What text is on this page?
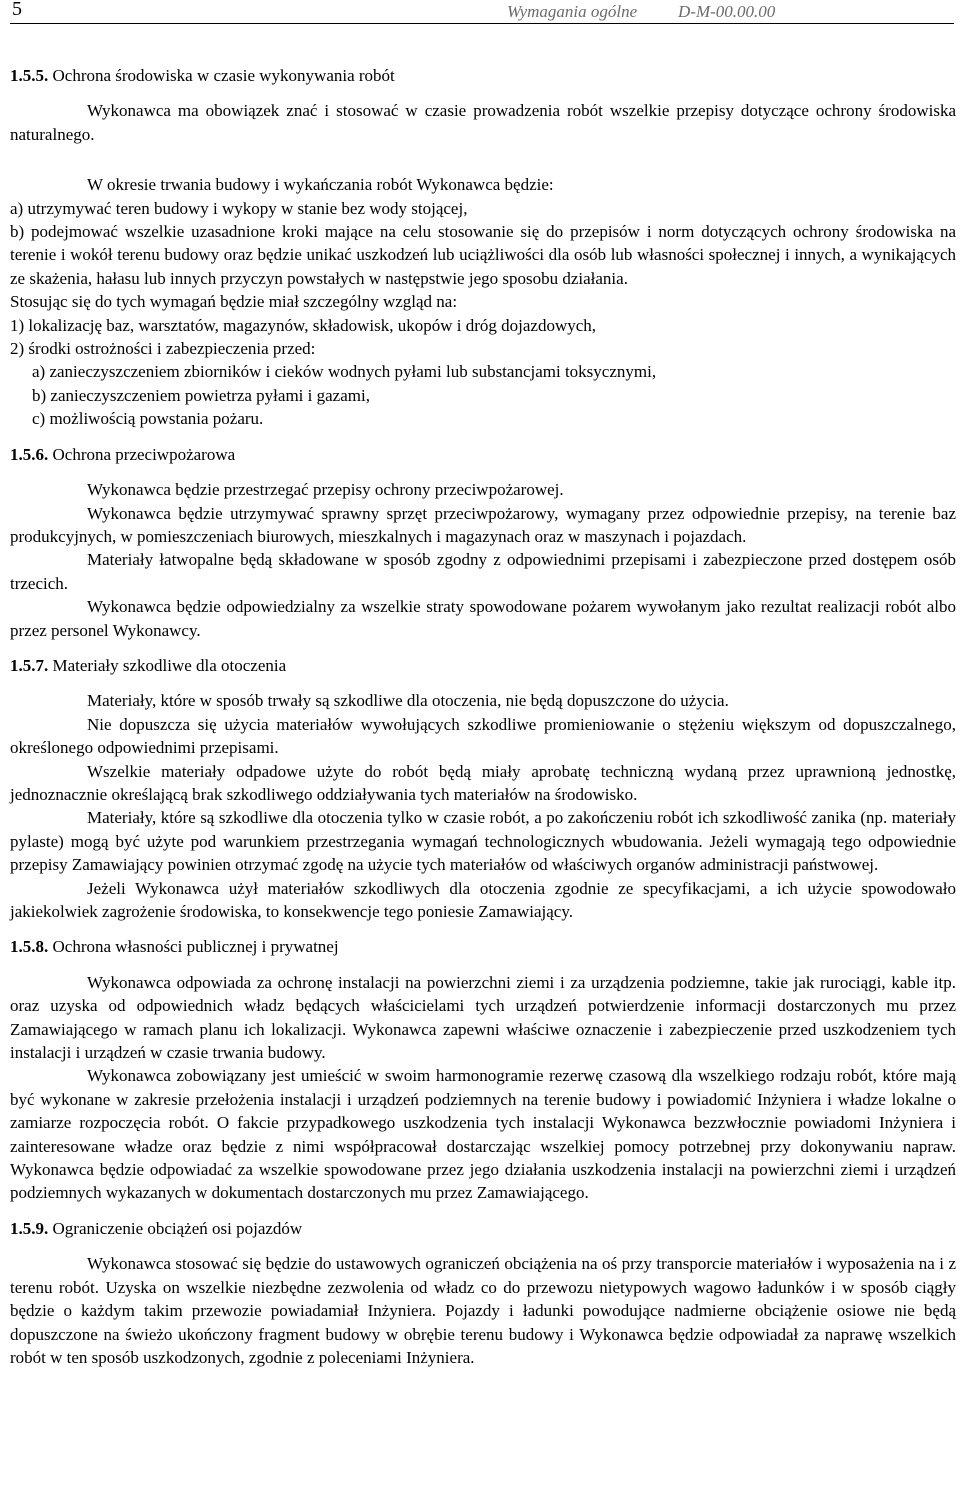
5	Wymagania ogólne D-M-00.00.00
1.5.5. Ochrona środowiska w czasie wykonywania robót

Wykonawca ma obowiązek znać i stosować w czasie prowadzenia robót wszelkie przepisy dotyczące ochrony środowiska naturalnego.

W okresie trwania budowy i wykańczania robót Wykonawca będzie:

a) utrzymywać teren budowy i wykopy w stanie bez wody stojącej,

b) podejmować wszelkie uzasadnione kroki mające na celu stosowanie się do przepisów i norm dotyczących ochrony środowiska na terenie i wokół terenu budowy oraz będzie unikać uszkodzeń lub uciążliwości dla osób lub własności społecznej i innych, a wynikających ze skażenia, hałasu lub innych przyczyn powstałych w następstwie jego sposobu działania.

Stosując się do tych wymagań będzie miał szczególny wzgląd na:

1) lokalizację baz, warsztatów, magazynów, składowisk, ukopów i dróg dojazdowych,

2) środki ostrożności i zabezpieczenia przed:

a) zanieczyszczeniem zbiorników i cieków wodnych pyłami lub substancjami toksycznymi,

b) zanieczyszczeniem powietrza pyłami i gazami,

c) możliwością powstania pożaru.

1.5.6. Ochrona przeciwpożarowa

Wykonawca będzie przestrzegać przepisy ochrony przeciwpożarowej.

Wykonawca będzie utrzymywać sprawny sprzęt przeciwpożarowy, wymagany przez odpowiednie przepisy, na terenie baz produkcyjnych, w pomieszczeniach biurowych, mieszkalnych i magazynach oraz w maszynach i pojazdach.

Materiały łatwopalne będą składowane w sposób zgodny z odpowiednimi przepisami i zabezpieczone przed dostępem osób trzecich.

Wykonawca będzie odpowiedzialny za wszelkie straty spowodowane pożarem wywołanym jako rezultat realizacji robót albo przez personel Wykonawcy.

1.5.7. Materiały szkodliwe dla otoczenia

Materiały, które w sposób trwały są szkodliwe dla otoczenia, nie będą dopuszczone do użycia.

Nie dopuszcza się użycia materiałów wywołujących szkodliwe promieniowanie o stężeniu większym od dopuszczalnego, określonego odpowiednimi przepisami.

Wszelkie materiały odpadowe użyte do robót będą miały aprobatę techniczną wydaną przez uprawnioną jednostkę, jednoznacznie określającą brak szkodliwego oddziaływania tych materiałów na środowisko.

Materiały, które są szkodliwe dla otoczenia tylko w czasie robót, a po zakończeniu robót ich szkodliwość zanika (np. materiały pylaste) mogą być użyte pod warunkiem przestrzegania wymagań technologicznych wbudowania. Jeżeli wymagają tego odpowiednie przepisy Zamawiający powinien otrzymać zgodę na użycie tych materiałów od właściwych organów administracji państwowej.

Jeżeli Wykonawca użył materiałów szkodliwych dla otoczenia zgodnie ze specyfikacjami, a ich użycie spowodowało jakiekolwiek zagrożenie środowiska, to konsekwencje tego poniesie Zamawiający.

1.5.8. Ochrona własności publicznej i prywatnej

Wykonawca odpowiada za ochronę instalacji na powierzchni ziemi i za urządzenia podziemne, takie jak rurociągi, kable itp. oraz uzyska od odpowiednich władz będących właścicielami tych urządzeń potwierdzenie informacji dostarczonych mu przez Zamawiającego w ramach planu ich lokalizacji. Wykonawca zapewni właściwe oznaczenie i zabezpieczenie przed uszkodzeniem tych instalacji i urządzeń w czasie trwania budowy.

Wykonawca zobowiązany jest umieścić w swoim harmonogramie rezerwę czasową dla wszelkiego rodzaju robót, które mają być wykonane w zakresie przełożenia instalacji i urządzeń podziemnych na terenie budowy i powiadomić Inżyniera i władze lokalne o zamiarze rozpoczęcia robót. O fakcie przypadkowego uszkodzenia tych instalacji Wykonawca bezzwłocznie powiadomi Inżyniera i zainteresowane władze oraz będzie z nimi współpracował dostarczając wszelkiej pomocy potrzebnej przy dokonywaniu napraw. Wykonawca będzie odpowiadać za wszelkie spowodowane przez jego działania uszkodzenia instalacji na powierzchni ziemi i urządzeń podziemnych wykazanych w dokumentach dostarczonych mu przez Zamawiającego.

1.5.9. Ograniczenie obciążeń osi pojazdów

Wykonawca stosować się będzie do ustawowych ograniczeń obciążenia na oś przy transporcie materiałów i wyposażenia na i z terenu robót. Uzyska on wszelkie niezbędne zezwolenia od władz co do przewozu nietypowych wagowo ładunków i w sposób ciągły będzie o każdym takim przewozie powiadamiał Inżyniera. Pojazdy i ładunki powodujące nadmierne obciążenie osiowe nie będą dopuszczone na świeżo ukończony fragment budowy w obrębie terenu budowy i Wykonawca będzie odpowiadał za naprawę wszelkich robót w ten sposób uszkodzonych, zgodnie z poleceniami Inżyniera.
